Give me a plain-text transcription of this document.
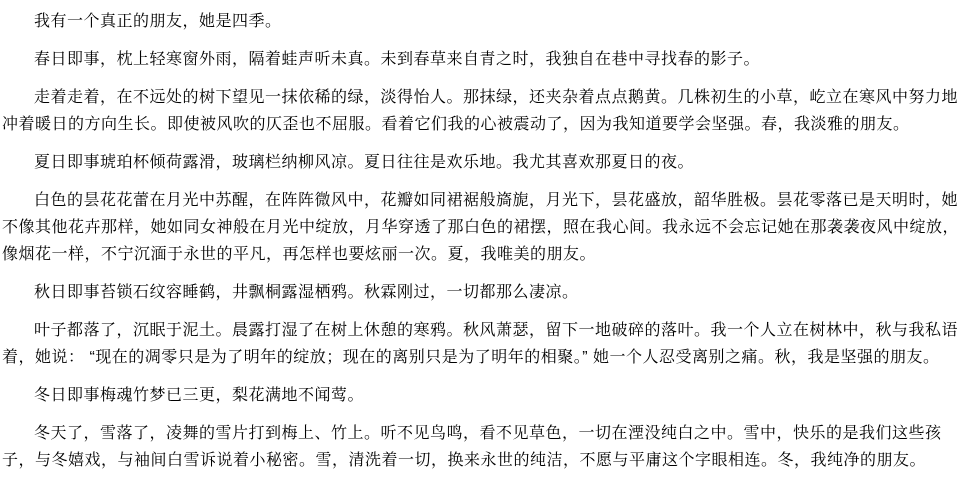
我有一个真正的朋友，她是四季。

春日即事，枕上轻寒窗外雨，隔着蛙声听未真。未到春草来自青之时，我独自在巷中寻找春的影子。

走着走着，在不远处的树下望见一抹依稀的绿，淡得怡人。那抹绿，还夹杂着点点鹅黄。几株初生的小草，屹立在寒风中努力地冲着暖日的方向生长。即使被风吹的仄歪也不屈服。看着它们我的心被震动了，因为我知道要学会坚强。春，我淡雅的朋友。

夏日即事琥珀杯倾荷露滑，玻璃栏纳柳风凉。夏日往往是欢乐地。我尤其喜欢那夏日的夜。

白色的昙花花蕾在月光中苏醒，在阵阵微风中，花瓣如同裙裾般旖旎，月光下，昙花盛放，韶华胜极。昙花零落已是天明时，她不像其他花卉那样，她如同女神般在月光中绽放，月华穿透了那白色的裙摆，照在我心间。我永远不会忘记她在那袭袭夜风中绽放，像烟花一样，不宁沉湎于永世的平凡，再怎样也要炫丽一次。夏，我唯美的朋友。

秋日即事苔锁石纹容睡鹤，井飘桐露湿栖鸦。秋霖刚过，一切都那么凄凉。

叶子都落了，沉眠于泥土。晨露打湿了在树上休憩的寒鸦。秋风萧瑟，留下一地破碎的落叶。我一个人立在树林中，秋与我私语着，她说： “现在的凋零只是为了明年的绽放；现在的离别只是为了明年的相聚。” 她一个人忍受离别之痛。秋，我是坚强的朋友。

冬日即事梅魂竹梦已三更，梨花满地不闻莺。

冬天了，雪落了，凌舞的雪片打到梅上、竹上。听不见鸟鸣，看不见草色，一切在湮没纯白之中。雪中，快乐的是我们这些孩子，与冬嬉戏，与袖间白雪诉说着小秘密。雪，清洗着一切，换来永世的纯洁，不愿与平庸这个字眼相连。冬，我纯净的朋友。
